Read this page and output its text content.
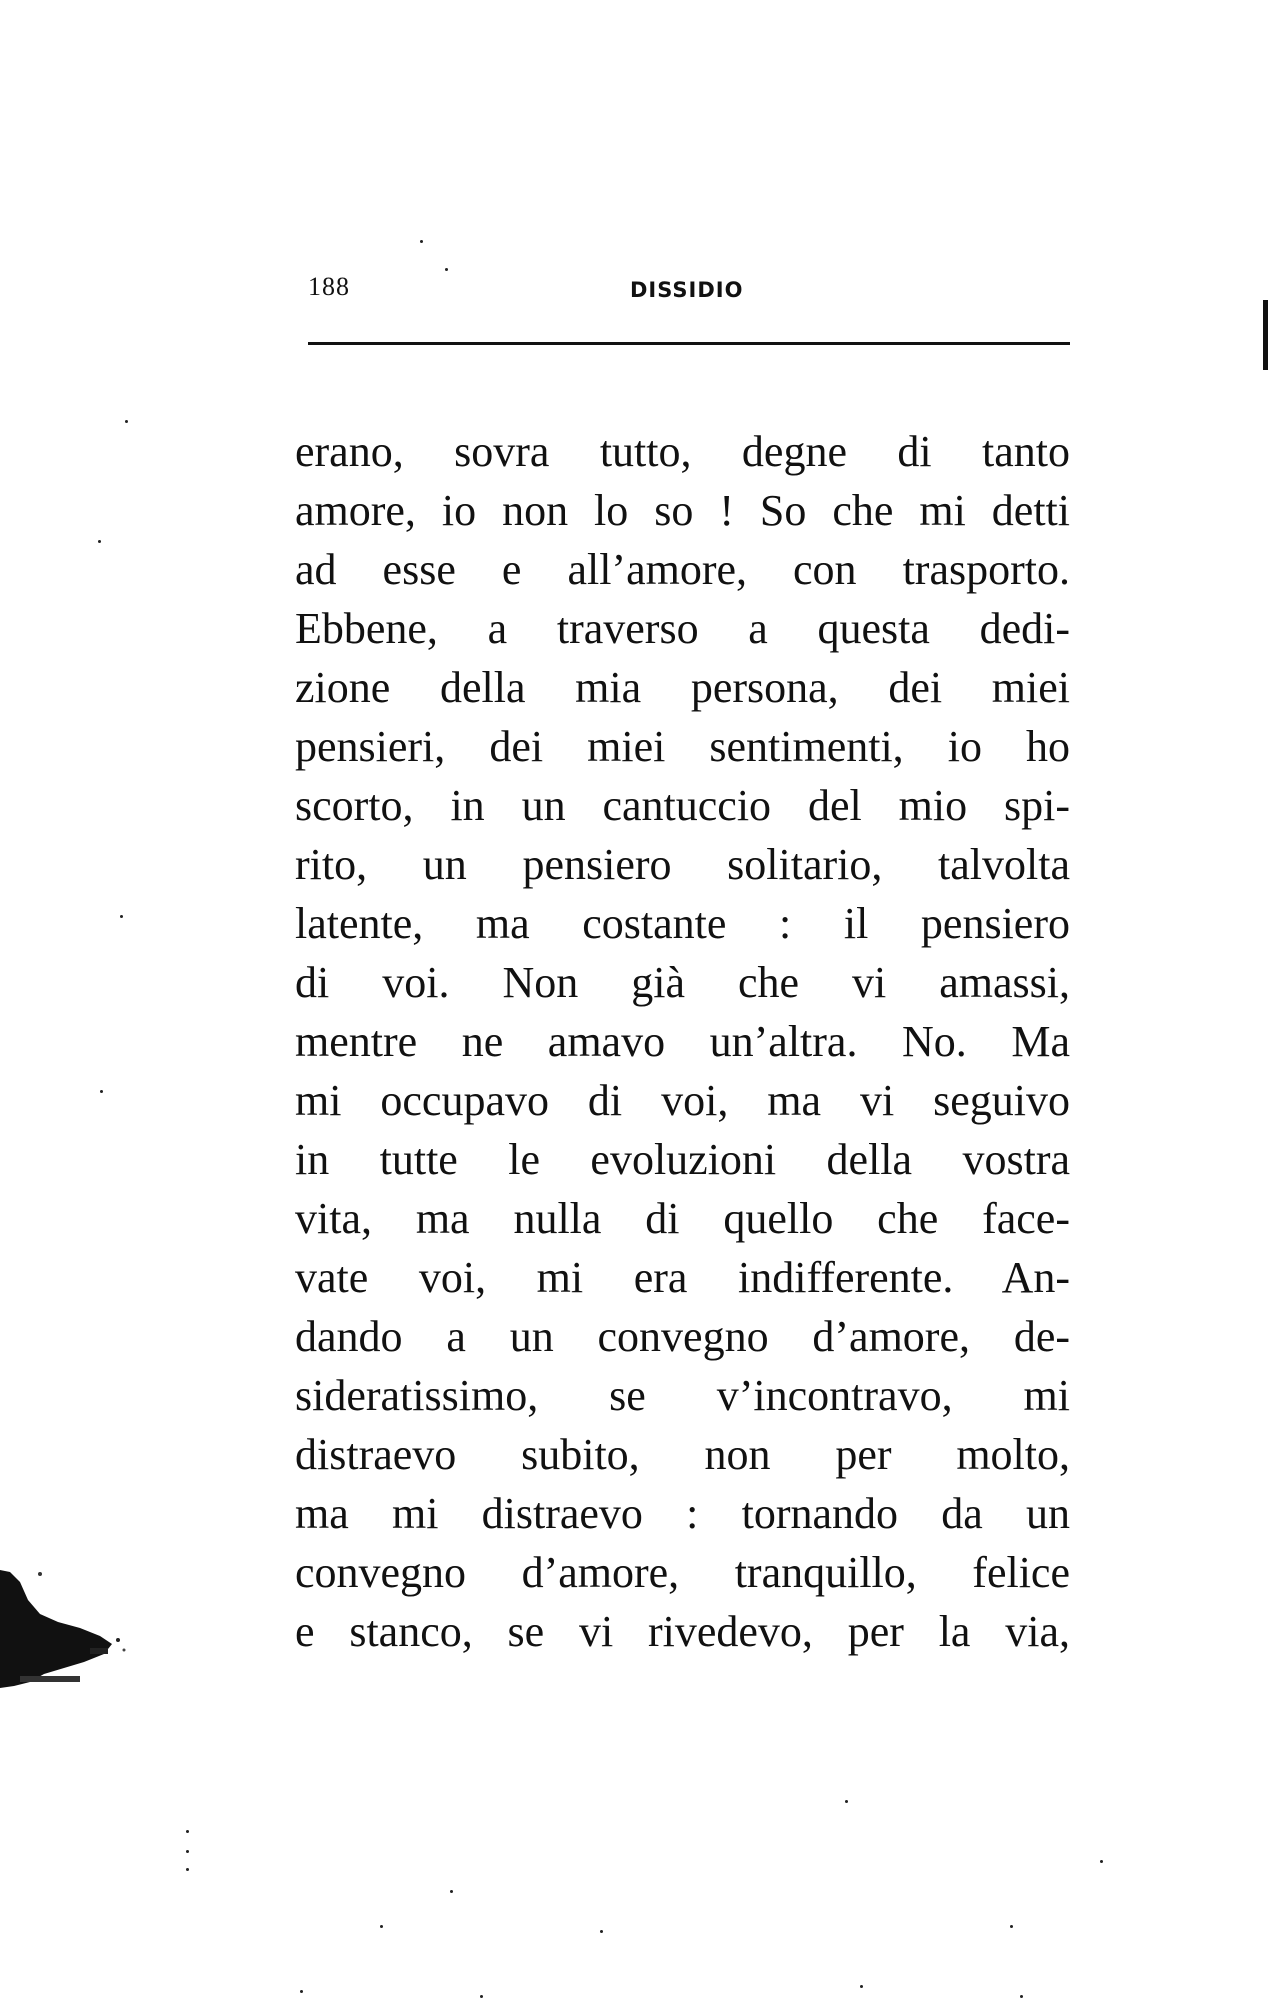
188	DISSIDIO
erano, sovra tutto, degne di tanto
amore, io non lo so ! So che mi detti
ad esse e all’amore, con trasporto.
Ebbene, a traverso a questa dedi-
zione della mia persona, dei miei
pensieri, dei miei sentimenti, io ho
scorto, in un cantuccio del mio spi-
rito, un pensiero solitario, talvolta
latente, ma costante : il pensiero
di voi. Non già che vi amassi,
mentre ne amavo un’altra. No. Ma
mi occupavo di voi, ma vi seguivo
in tutte le evoluzioni della vostra
vita, ma nulla di quello che face-
vate voi, mi era indifferente. An-
dando a un convegno d’amore, de-
sideratissimo, se v’incontravo, mi
distraevo subito, non per molto,
ma mi distraevo : tornando da un
convegno d’amore, tranquillo, felice
e stanco, se vi rivedevo, per la via,
